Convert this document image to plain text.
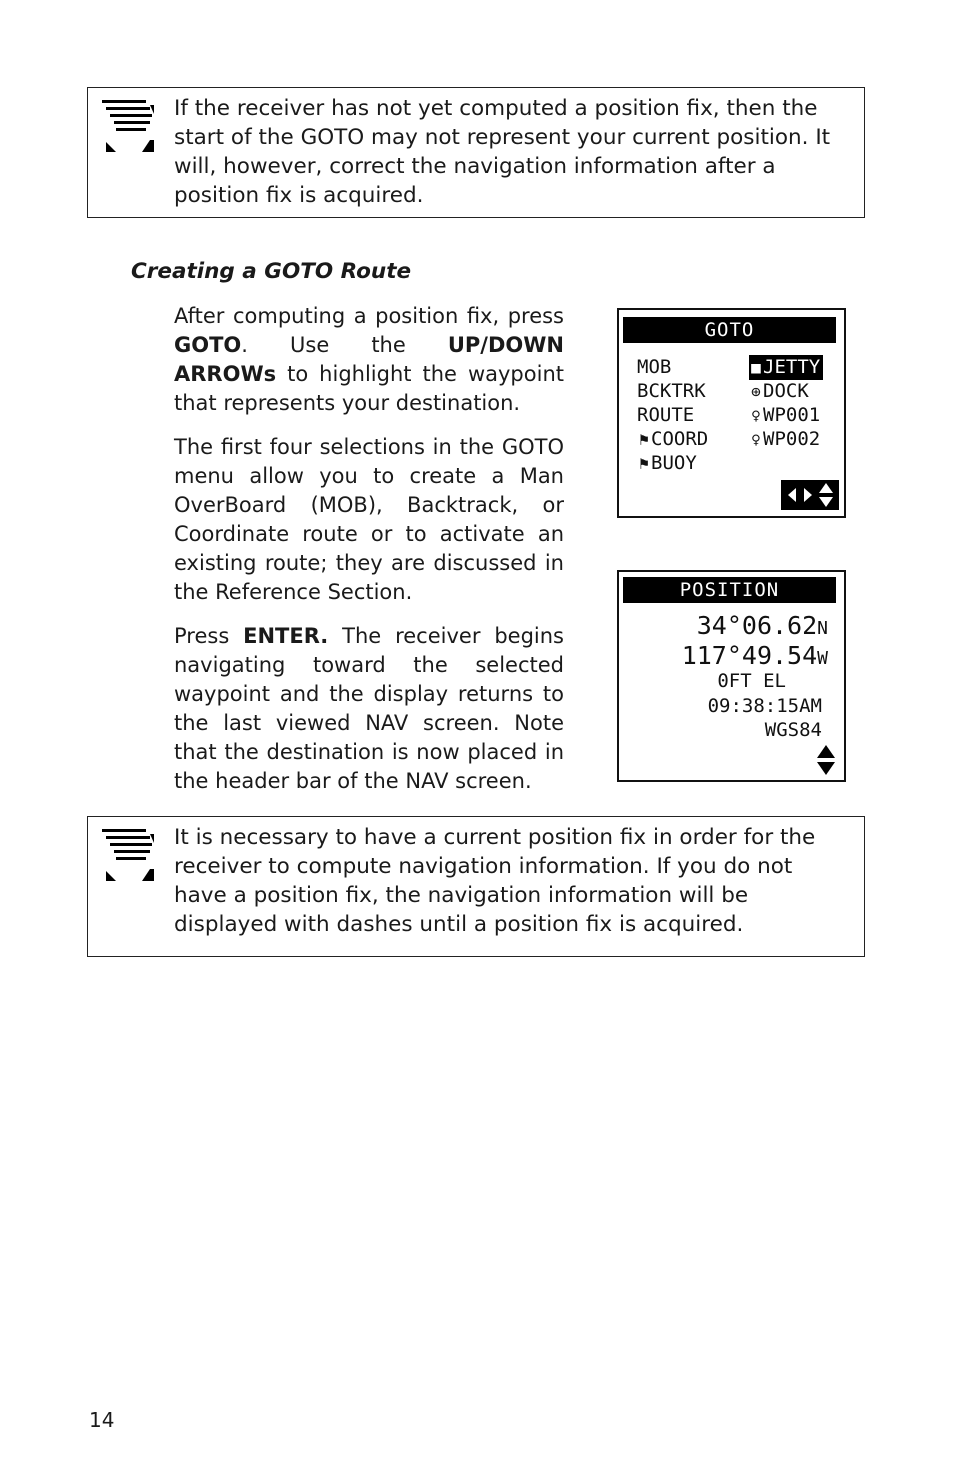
If the receiver has not yet computed a position fix, then the start of the GOTO may not represent your current position. It will, however, correct the navigation information after a position fix is acquired.

Creating a GOTO Route

After computing a position fix, press GOTO. Use the UP/DOWN ARROWs to highlight the waypoint that represents your destination.

The first four selections in the GOTO menu allow you to create a Man OverBoard (MOB), Backtrack, or Coordinate route or to activate an existing route; they are discussed in the Reference Section.

Press ENTER. The receiver begins navigating toward the selected waypoint and the display returns to the last viewed NAV screen. Note that the destination is now placed in the header bar of the NAV screen.

GOTO
MOB
BCKTRK
ROUTE
⚑ COORD
⚑ BUOY
■ JETTY
⊕ DOCK
♀ WP001
♀ WP002
POSITION
34°06.62N
117°49.54W
0FT EL
09:38:15AM
WGS84

It is necessary to have a current position fix in order for the receiver to compute navigation information. If you do not have a position fix, the navigation information will be displayed with dashes until a position fix is acquired.

14
